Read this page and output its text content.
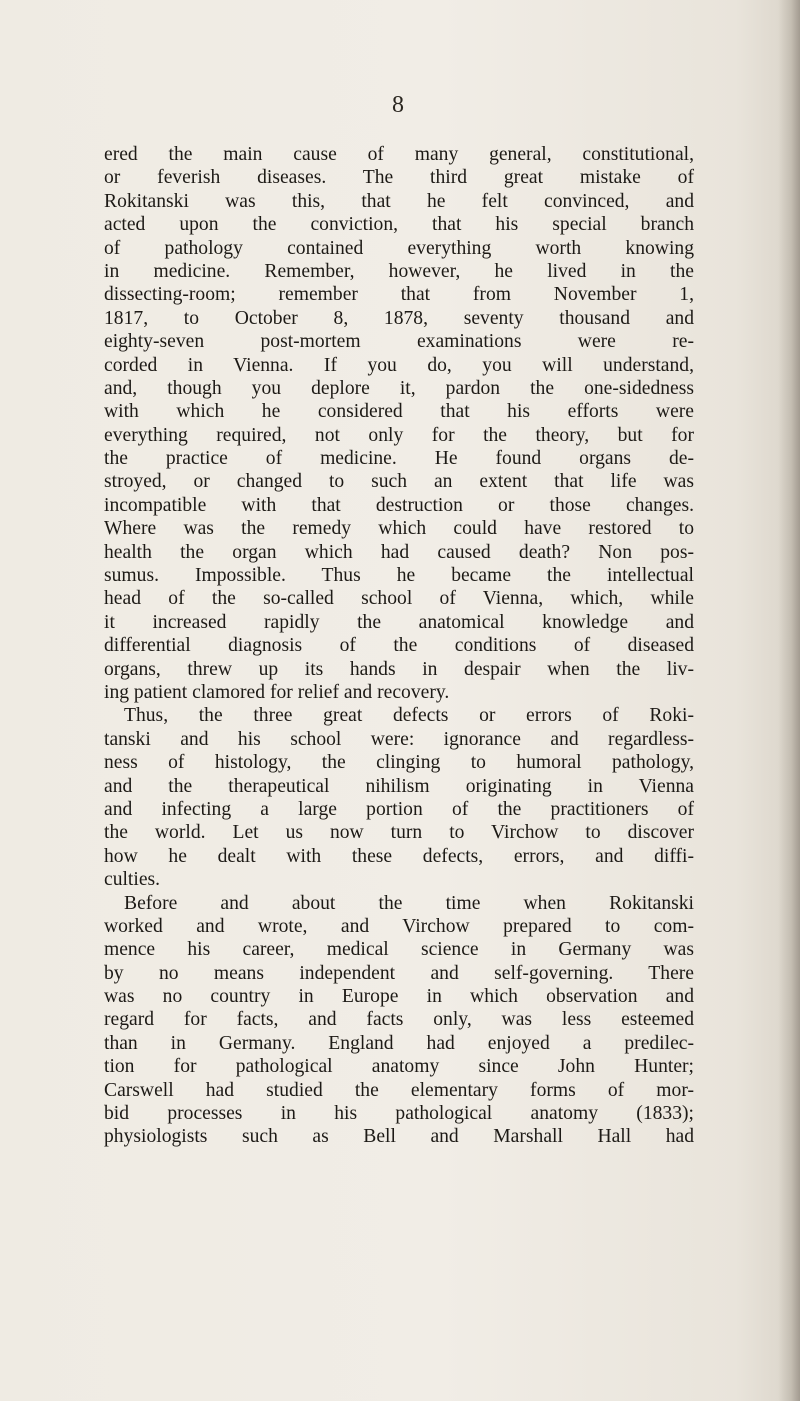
8
ered the main cause of many general, constitutional,
or feverish diseases. The third great mistake of
Rokitanski was this, that he felt convinced, and
acted upon the conviction, that his special branch
of pathology contained everything worth knowing
in medicine. Remember, however, he lived in the
dissecting-room; remember that from November 1,
1817, to October 8, 1878, seventy thousand and
eighty-seven post-mortem examinations were re-
corded in Vienna. If you do, you will understand,
and, though you deplore it, pardon the one-sidedness
with which he considered that his efforts were
everything required, not only for the theory, but for
the practice of medicine. He found organs de-
stroyed, or changed to such an extent that life was
incompatible with that destruction or those changes.
Where was the remedy which could have restored to
health the organ which had caused death? Non pos-
sumus. Impossible. Thus he became the intellectual
head of the so-called school of Vienna, which, while
it increased rapidly the anatomical knowledge and
differential diagnosis of the conditions of diseased
organs, threw up its hands in despair when the liv-
ing patient clamored for relief and recovery.
Thus, the three great defects or errors of Roki-
tanski and his school were: ignorance and regardless-
ness of histology, the clinging to humoral pathology,
and the therapeutical nihilism originating in Vienna
and infecting a large portion of the practitioners of
the world. Let us now turn to Virchow to discover
how he dealt with these defects, errors, and diffi-
culties.
Before and about the time when Rokitanski
worked and wrote, and Virchow prepared to com-
mence his career, medical science in Germany was
by no means independent and self-governing. There
was no country in Europe in which observation and
regard for facts, and facts only, was less esteemed
than in Germany. England had enjoyed a predilec-
tion for pathological anatomy since John Hunter;
Carswell had studied the elementary forms of mor-
bid processes in his pathological anatomy (1833);
physiologists such as Bell and Marshall Hall had
